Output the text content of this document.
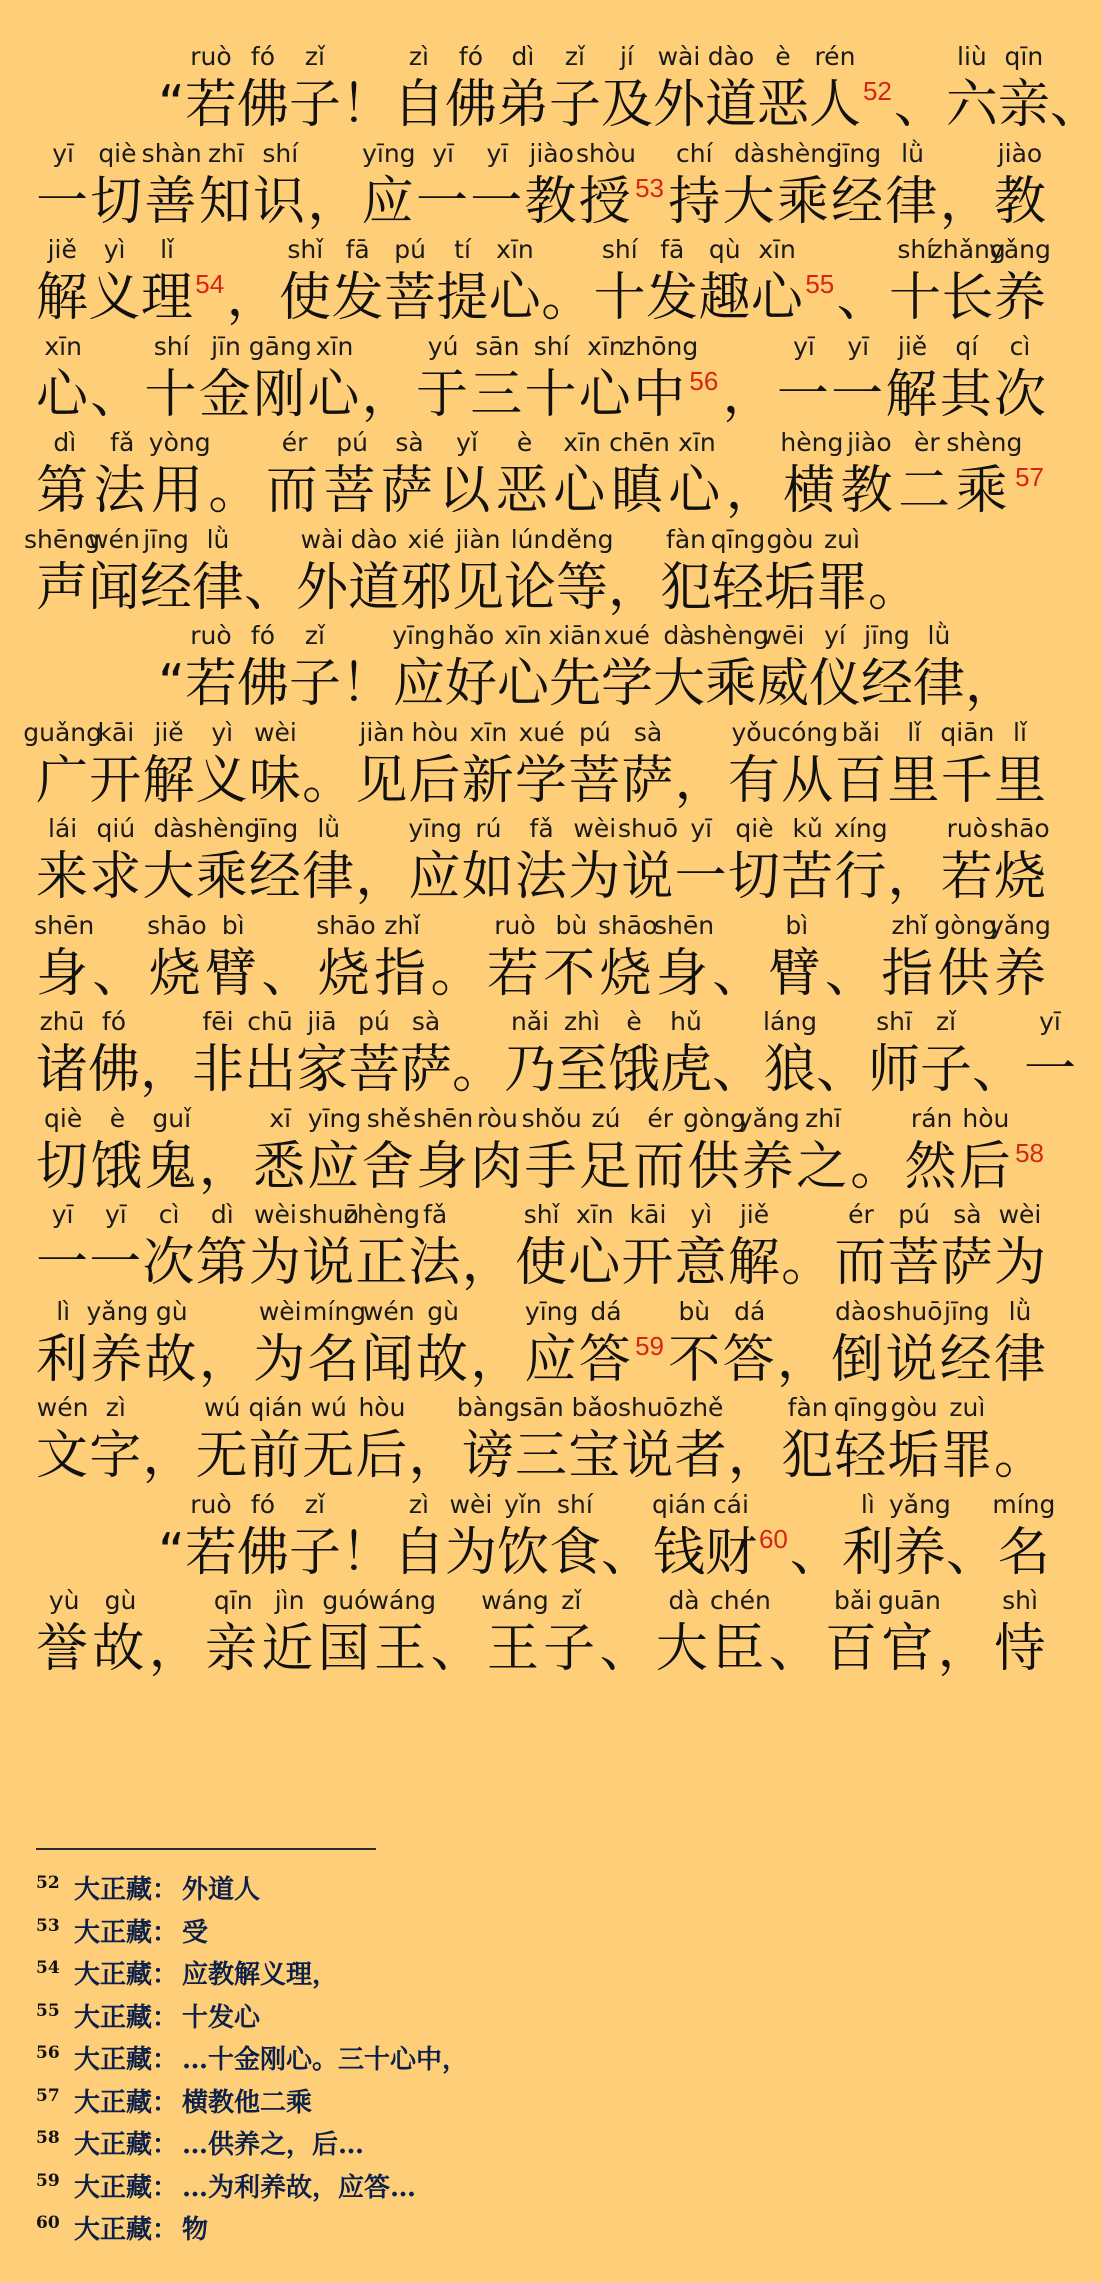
ruò fó zǐ	zì fó dì zǐ jí wài dào è rén	liù qīn
“若佛子！自佛弟子及外道恶人$^{52}$、六亲、
yī qiè shàn zhī shí	yīng yī yī jiào shòu chí dà shèng
jīng lǜ	jiào
一切善知识，应一一教授$^{53}$持大乘经律，教
jiě yì lǐ	shǐ fā pú tí xīn	shí fā qù xīn	shí
zhǎng
yǎng
解义理$^{54}$，使发菩提心。十发趣心$^{55}$、十长养
xīn	shí jīn gāng xīn	yú sān shí xīn
zhōng	yī yī jiě qí cì
心、十金刚心，于三十心中$^{56}$，一一解其次
dì fǎ yòng	ér pú sà yǐ è xīn chēn xīn	hèng jiào èr shèng
第法用。而菩萨以恶心瞋心，横教二乘$^{57}$
shēng
wén jīng lǜ	wài dào xié jiàn lún děng fàn qīng gòu zuì
声闻经律、外道邪见论等，犯轻垢罪。
ruò fó zǐ	yīng hǎo xīn xiān xué dà
shèng
wēi yí jīng lǜ
“若佛子！应好心先学大乘威仪经律，
guǎng
kāi jiě yì wèi	jiàn hòu xīn xué pú sà	yǒu cóng bǎi lǐ qiān lǐ
广开解义味。见后新学菩萨，有从百里千里
lái qiú dà shèng
jīng lǜ	yīng rú fǎ wèi shuō yī qiè kǔ xíng ruò shāo
来求大乘经律，应如法为说一切苦行，若烧
shēn shāo bì	shāo zhǐ	ruò bù shāo
shēn	bì	zhǐ gòng
yǎng
身、烧臂、烧指。若不烧身、臂、指供养
zhū fó	fēi chū jiā pú sà	nǎi zhì è hǔ láng shī zǐ	yī
诸佛，非出家菩萨。乃至饿虎、狼、师子、一
qiè è guǐ	xī yīng shě shēn ròu shǒu zú ér gòng
yǎng zhī	rán hòu
切饿鬼，悉应舍身肉手足而供养之。然后$^{58}$
yī yī cì dì wèi shuō
zhèng fǎ	shǐ xīn kāi yì jiě	ér pú sà wèi
一一次第为说正法，使心开意解。而菩萨为
lì yǎng gù	wèi míng
wén gù	yīng dá bù dá	dào shuō jīng lǜ
利养故，为名闻故，应答$^{59}$不答，倒说经律
wén zì	wú qián wú hòu bàng sān bǎo shuō zhě	fàn qīng gòu zuì
文字，无前无后，谤三宝说者，犯轻垢罪。
ruò fó zǐ	zì wèi yǐn shí qián cái	lì yǎng míng
“若佛子！自为饮食、钱财$^{60}$、利养、名
yù gù	qīn jìn guó wáng wáng zǐ	dà chén	bǎi guān shì
誉故，亲近国王、王子、大臣、百官，恃
52 大正藏： 外道人
53 大正藏： 受
54 大正藏： 应教解义理，
55 大正藏： 十发心
56 大正藏： …十金刚心。三十心中，
57 大正藏： 横教他二乘
58 大正藏： …供养之，后…
59 大正藏： …为利养故，应答…
60 大正藏： 物
